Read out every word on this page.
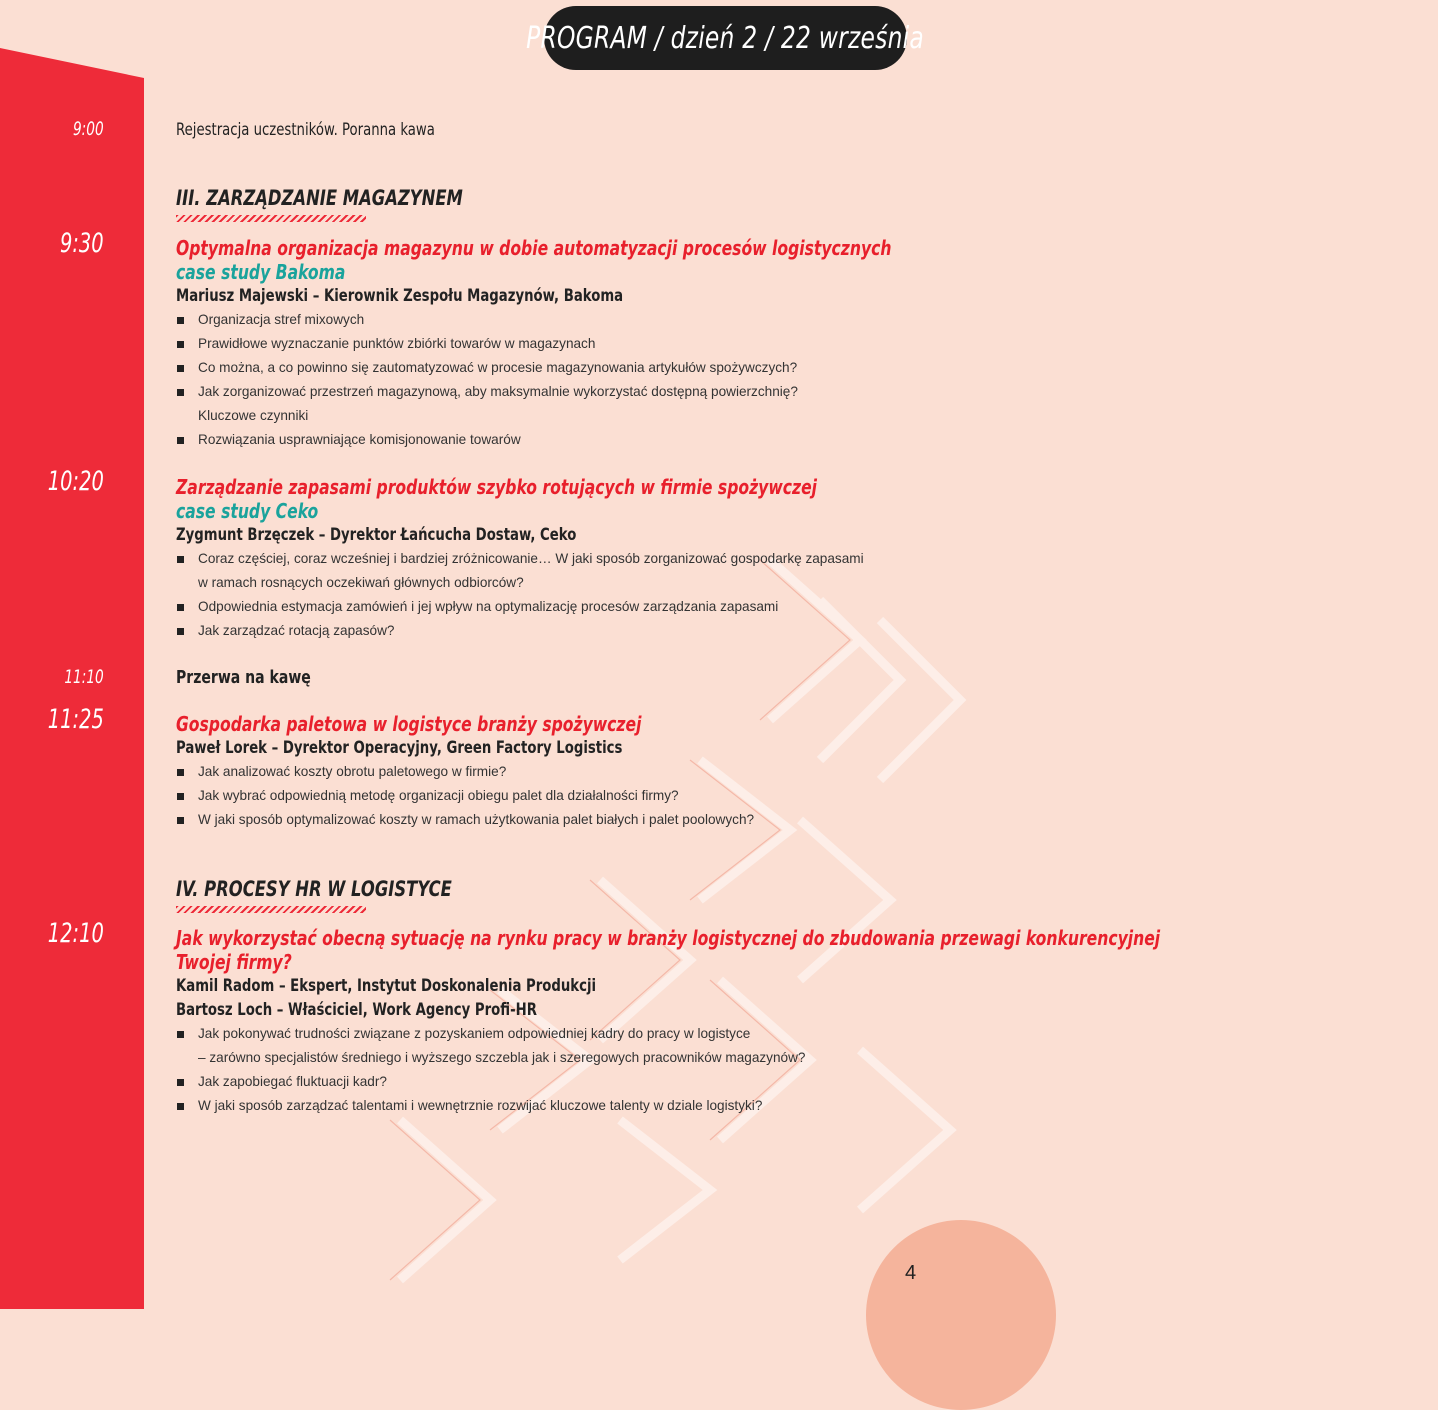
PROGRAM / dzień 2 / 22 września
9:00
9:30
10:20
11:10
11:25
12:10
Rejestracja uczestników. Poranna kawa
III. ZARZĄDZANIE MAGAZYNEM
Optymalna organizacja magazynu w dobie automatyzacji procesów logistycznych
case study Bakoma
Mariusz Majewski – Kierownik Zespołu Magazynów, Bakoma
Organizacja stref mixowych
Prawidłowe wyznaczanie punktów zbiórki towarów w magazynach
Co można, a co powinno się zautomatyzować w procesie magazynowania artykułów spożywczych?
Jak zorganizować przestrzeń magazynową, aby maksymalnie wykorzystać dostępną powierzchnię?
Kluczowe czynniki
Rozwiązania usprawniające komisjonowanie towarów
Zarządzanie zapasami produktów szybko rotujących w firmie spożywczej
case study Ceko
Zygmunt Brzęczek – Dyrektor Łańcucha Dostaw, Ceko
Coraz częściej, coraz wcześniej i bardziej zróżnicowanie… W jaki sposób zorganizować gospodarkę zapasami
w ramach rosnących oczekiwań głównych odbiorców?
Odpowiednia estymacja zamówień i jej wpływ na optymalizację procesów zarządzania zapasami
Jak zarządzać rotacją zapasów?
Przerwa na kawę
Gospodarka paletowa w logistyce branży spożywczej
Paweł Lorek – Dyrektor Operacyjny, Green Factory Logistics
Jak analizować koszty obrotu paletowego w firmie?
Jak wybrać odpowiednią metodę organizacji obiegu palet dla działalności firmy?
W jaki sposób optymalizować koszty w ramach użytkowania palet białych i palet poolowych?
IV. PROCESY HR W LOGISTYCE
Jak wykorzystać obecną sytuację na rynku pracy w branży logistycznej do zbudowania przewagi konkurencyjnej
Twojej firmy?
Kamil Radom – Ekspert, Instytut Doskonalenia Produkcji
Bartosz Loch – Właściciel, Work Agency Profi-HR
Jak pokonywać trudności związane z pozyskaniem odpowiedniej kadry do pracy w logistyce
– zarówno specjalistów średniego i wyższego szczebla jak i szeregowych pracowników magazynów?
Jak zapobiegać fluktuacji kadr?
W jaki sposób zarządzać talentami i wewnętrznie rozwijać kluczowe talenty w dziale logistyki?
4
